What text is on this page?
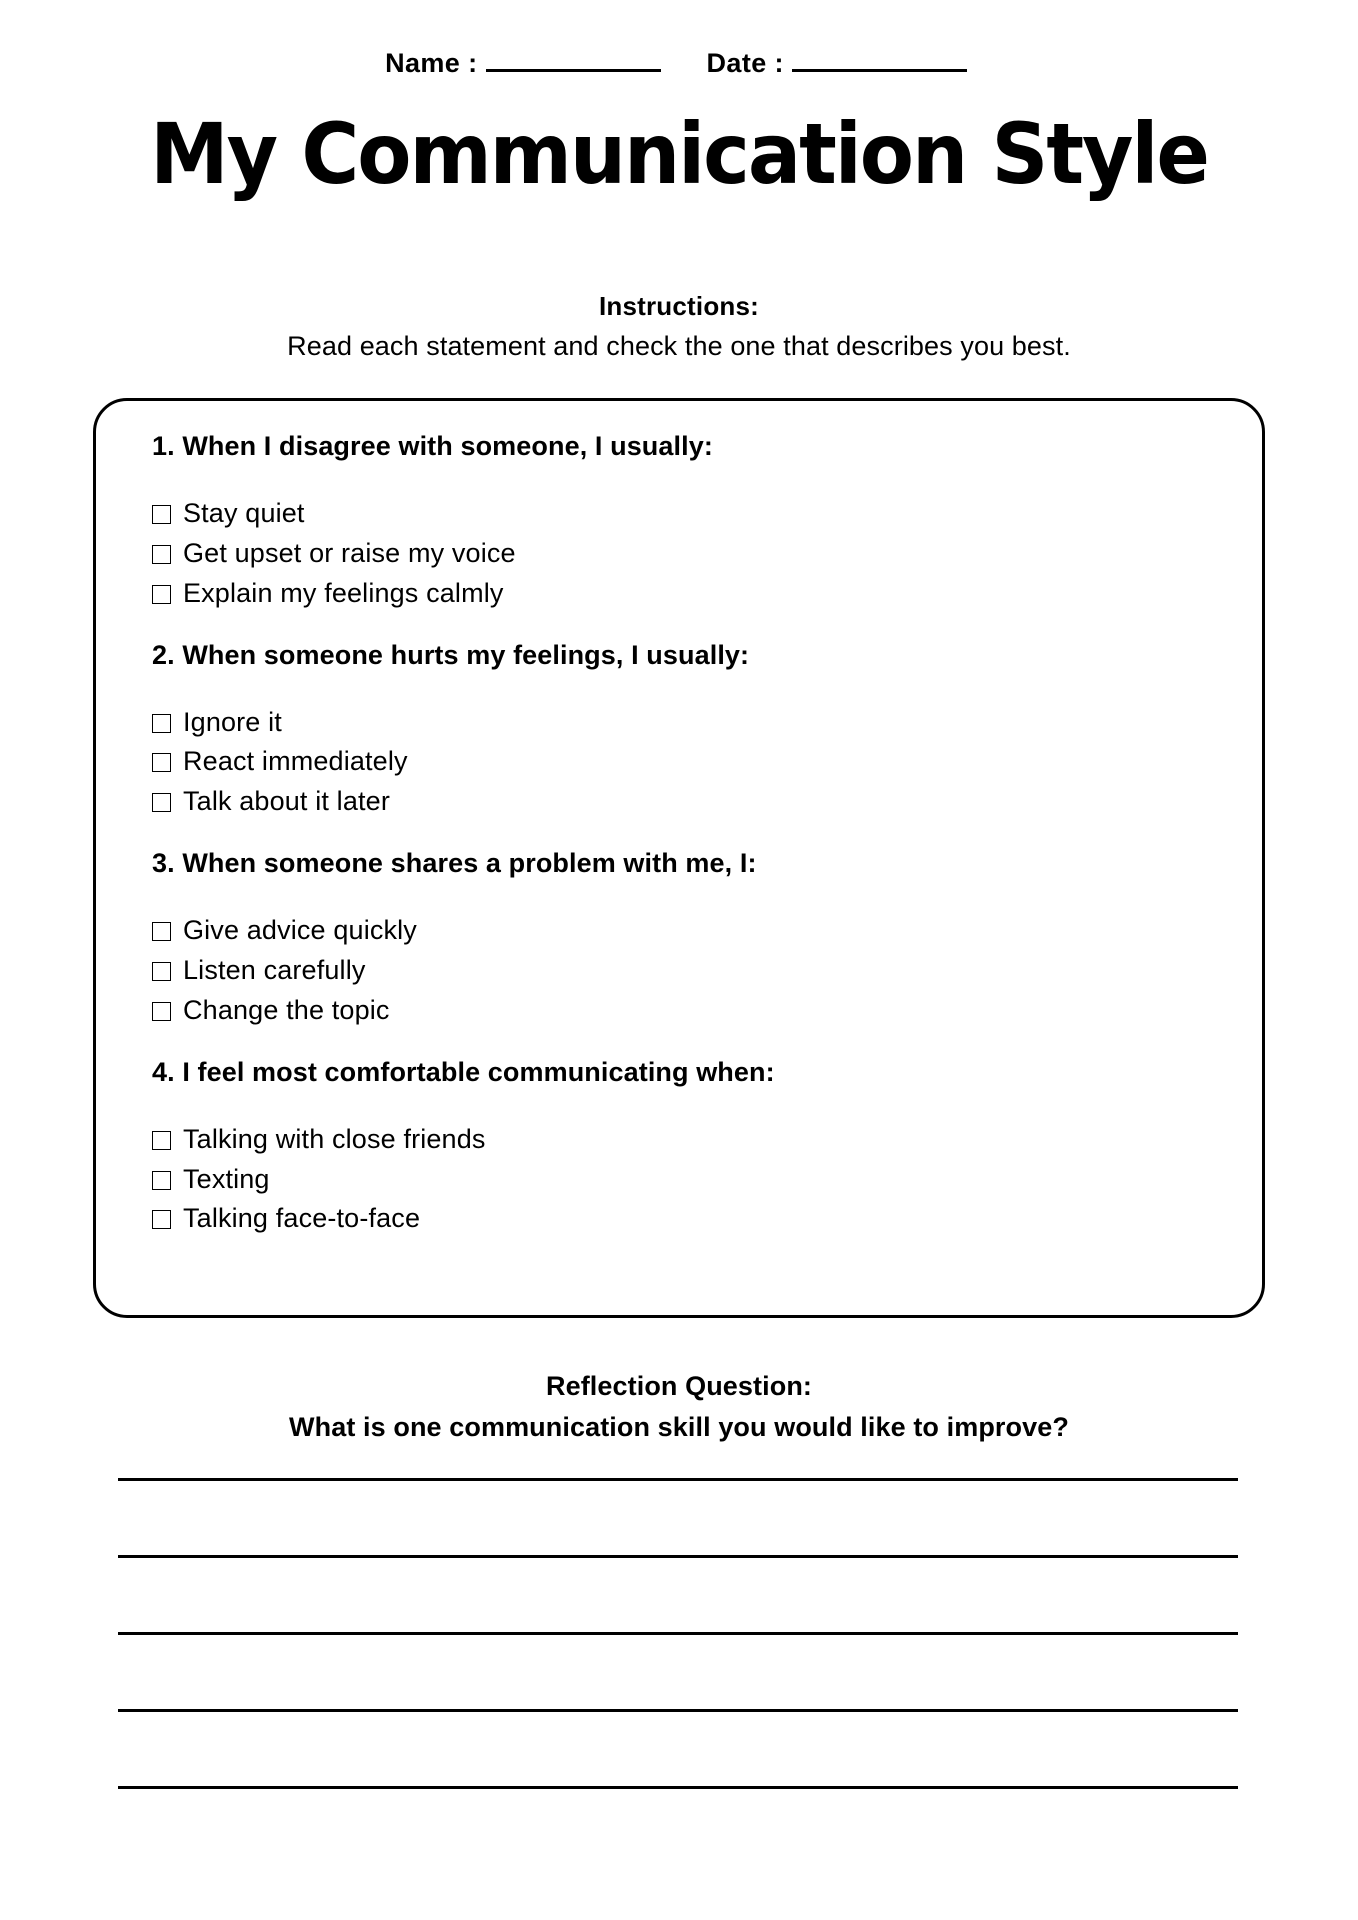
Name :	Date :
My Communication Style
Instructions:
Read each statement and check the one that describes you best.
1. When I disagree with someone, I usually:
Stay quiet
Get upset or raise my voice
Explain my feelings calmly
2. When someone hurts my feelings, I usually:
Ignore it
React immediately
Talk about it later
3. When someone shares a problem with me, I:
Give advice quickly
Listen carefully
Change the topic
4. I feel most comfortable communicating when:
Talking with close friends
Texting
Talking face-to-face
Reflection Question:
What is one communication skill you would like to improve?
